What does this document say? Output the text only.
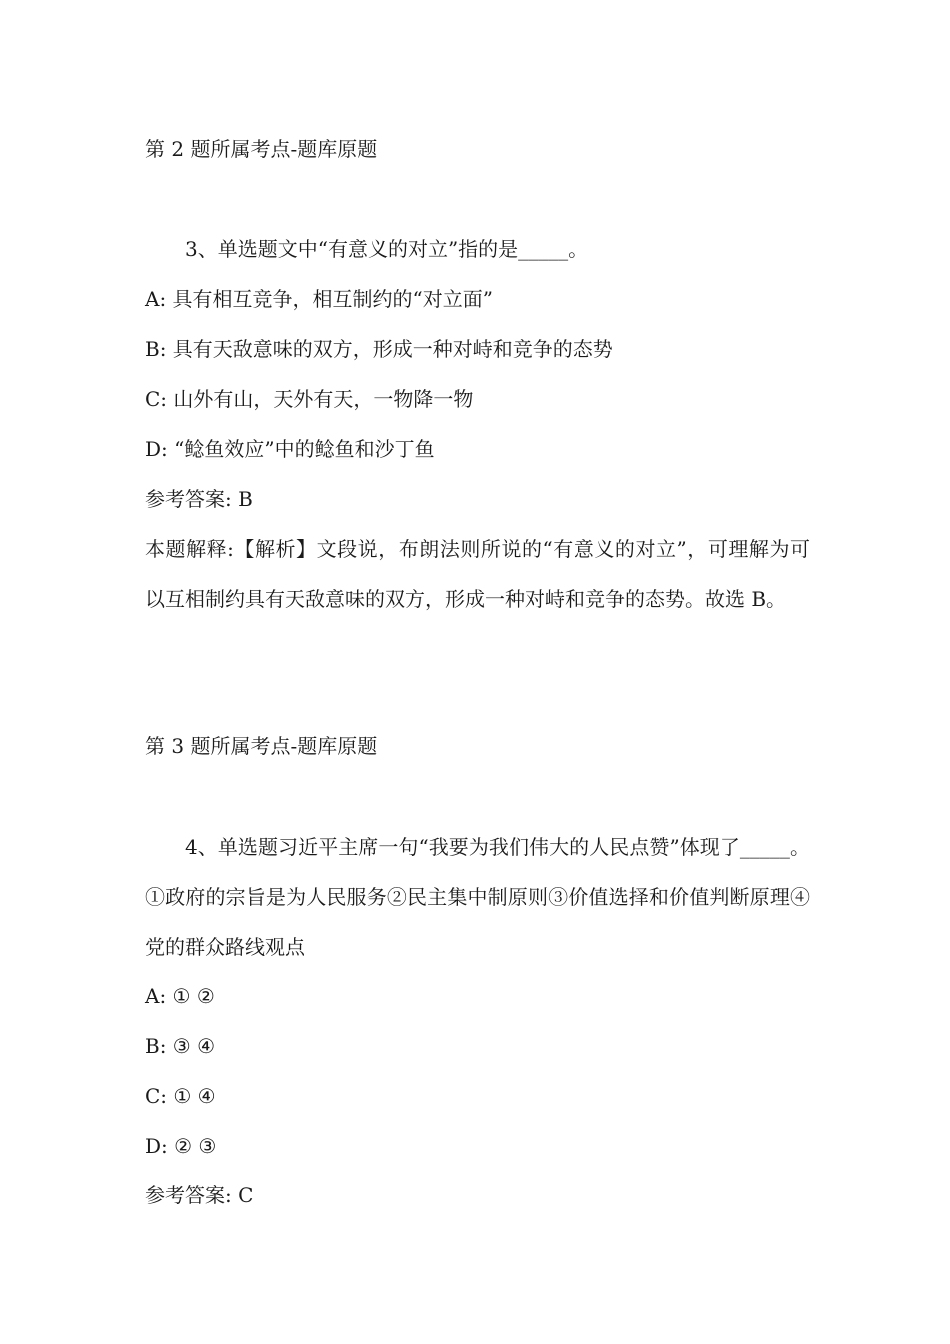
第 2 题所属考点-题库原题
3、单选题文中“有意义的对立”指的是_____。
A: 具有相互竞争，相互制约的“对立面”
B: 具有天敌意味的双方，形成一种对峙和竞争的态势
C: 山外有山，天外有天，一物降一物
D: “鲶鱼效应”中的鲶鱼和沙丁鱼
参考答案: B
本题解释:【解析】文段说，布朗法则所说的“有意义的对立”，可理解为可以互相制约具有天敌意味的双方，形成一种对峙和竞争的态势。故选 B。
第 3 题所属考点-题库原题
4、单选题习近平主席一句“我要为我们伟大的人民点赞”体现了_____。①政府的宗旨是为人民服务②民主集中制原则③价值选择和价值判断原理④党的群众路线观点
A: ① ②
B: ③ ④
C: ① ④
D: ② ③
参考答案: C
